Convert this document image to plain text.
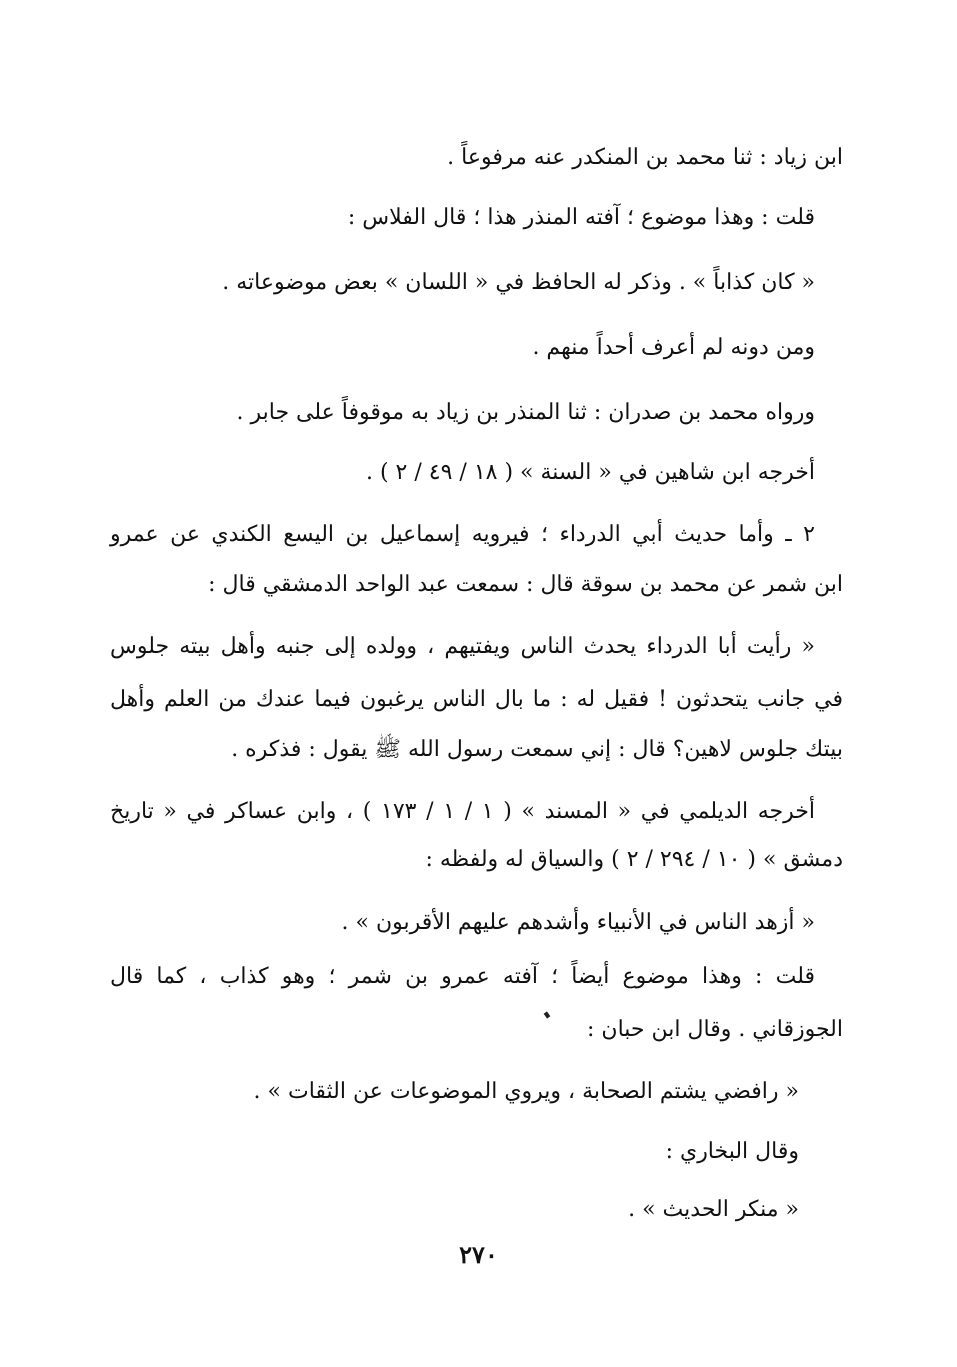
ابن زياد : ثنا محمد بن المنكدر عنه مرفوعاً .
قلت : وهذا موضوع ؛ آفته المنذر هذا ؛ قال الفلاس :
« كان كذاباً » . وذكر له الحافظ في « اللسان » بعض موضوعاته .
ومن دونه لم أعرف أحداً منهم .
ورواه محمد بن صدران : ثنا المنذر بن زياد به موقوفاً على جابر .
أخرجه ابن شاهين في « السنة » ( ١٨ / ٤٩ / ٢ ) .
٢ ـ وأما حديث أبي الدرداء ؛ فيرويه إسماعيل بن اليسع الكندي عن عمرو
ابن شمر عن محمد بن سوقة قال : سمعت عبد الواحد الدمشقي قال :
« رأيت أبا الدرداء يحدث الناس ويفتيهم ، وولده إلى جنبه وأهل بيته جلوس
في جانب يتحدثون ! فقيل له : ما بال الناس يرغبون فيما عندك من العلم وأهل
بيتك جلوس لاهين؟ قال : إني سمعت رسول الله ﷺ يقول : فذكره .
أخرجه الديلمي في « المسند » ( ١ / ١ / ١٧٣ ) ، وابن عساكر في « تاريخ
دمشق » ( ١٠ / ٢٩٤ / ٢ ) والسياق له ولفظه :
« أزهد الناس في الأنبياء وأشدهم عليهم الأقربون » .
قلت : وهذا موضوع أيضاً ؛ آفته عمرو بن شمر ؛ وهو كذاب ، كما قال
الجوزقاني . وقال ابن حبان :
« رافضي يشتم الصحابة ، ويروي الموضوعات عن الثقات » .
وقال البخاري :
« منكر الحديث » .
٢٧٠
